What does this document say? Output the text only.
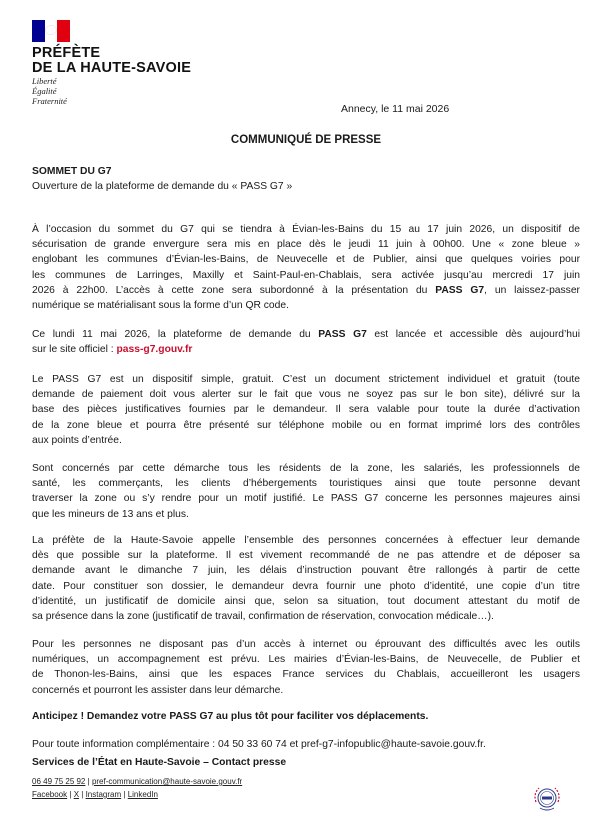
PRÉFÈTE
DE LA HAUTE-SAVOIE
Liberté
Égalité
Fraternité
Annecy, le 11 mai 2026
COMMUNIQUÉ DE PRESSE
SOMMET DU G7
Ouverture de la plateforme de demande du « PASS G7 »
À l’occasion du sommet du G7 qui se tiendra à Évian-les-Bains du 15 au 17 juin 2026, un dispositif de
sécurisation de grande envergure sera mis en place dès le jeudi 11 juin à 00h00. Une « zone bleue »
englobant les communes d’Évian-les-Bains, de Neuvecelle et de Publier, ainsi que quelques voiries pour
les communes de Larringes, Maxilly et Saint-Paul-en-Chablais, sera activée jusqu’au mercredi 17 juin
2026 à 22h00. L’accès à cette zone sera subordonné à la présentation du PASS G7, un laissez-passer
numérique se matérialisant sous la forme d’un QR code.
Ce lundi 11 mai 2026, la plateforme de demande du PASS G7 est lancée et accessible dès aujourd’hui
sur le site officiel : pass-g7.gouv.fr
Le PASS G7 est un dispositif simple, gratuit. C’est un document strictement individuel et gratuit (toute
demande de paiement doit vous alerter sur le fait que vous ne soyez pas sur le bon site), délivré sur la
base des pièces justificatives fournies par le demandeur. Il sera valable pour toute la durée d’activation
de la zone bleue et pourra être présenté sur téléphone mobile ou en format imprimé lors des contrôles
aux points d’entrée.
Sont concernés par cette démarche tous les résidents de la zone, les salariés, les professionnels de
santé, les commerçants, les clients d’hébergements touristiques ainsi que toute personne devant
traverser la zone ou s’y rendre pour un motif justifié. Le PASS G7 concerne les personnes majeures ainsi
que les mineurs de 13 ans et plus.
La préfète de la Haute-Savoie appelle l’ensemble des personnes concernées à effectuer leur demande
dès que possible sur la plateforme. Il est vivement recommandé de ne pas attendre et de déposer sa
demande avant le dimanche 7 juin, les délais d’instruction pouvant être rallongés à partir de cette
date. Pour constituer son dossier, le demandeur devra fournir une photo d’identité, une copie d’un titre
d’identité, un justificatif de domicile ainsi que, selon sa situation, tout document attestant du motif de
sa présence dans la zone (justificatif de travail, confirmation de réservation, convocation médicale…).
Pour les personnes ne disposant pas d’un accès à internet ou éprouvant des difficultés avec les outils
numériques, un accompagnement est prévu. Les mairies d’Évian-les-Bains, de Neuvecelle, de Publier et
de Thonon-les-Bains, ainsi que les espaces France services du Chablais, accueilleront les usagers
concernés et pourront les assister dans leur démarche.
Anticipez ! Demandez votre PASS G7 au plus tôt pour faciliter vos déplacements.
Pour toute information complémentaire : 04 50 33 60 74 et pref-g7-infopublic@haute-savoie.gouv.fr.
Services de l’État en Haute-Savoie – Contact presse
06 49 75 25 92 | pref-communication@haute-savoie.gouv.fr
Facebook | X | Instagram | LinkedIn
